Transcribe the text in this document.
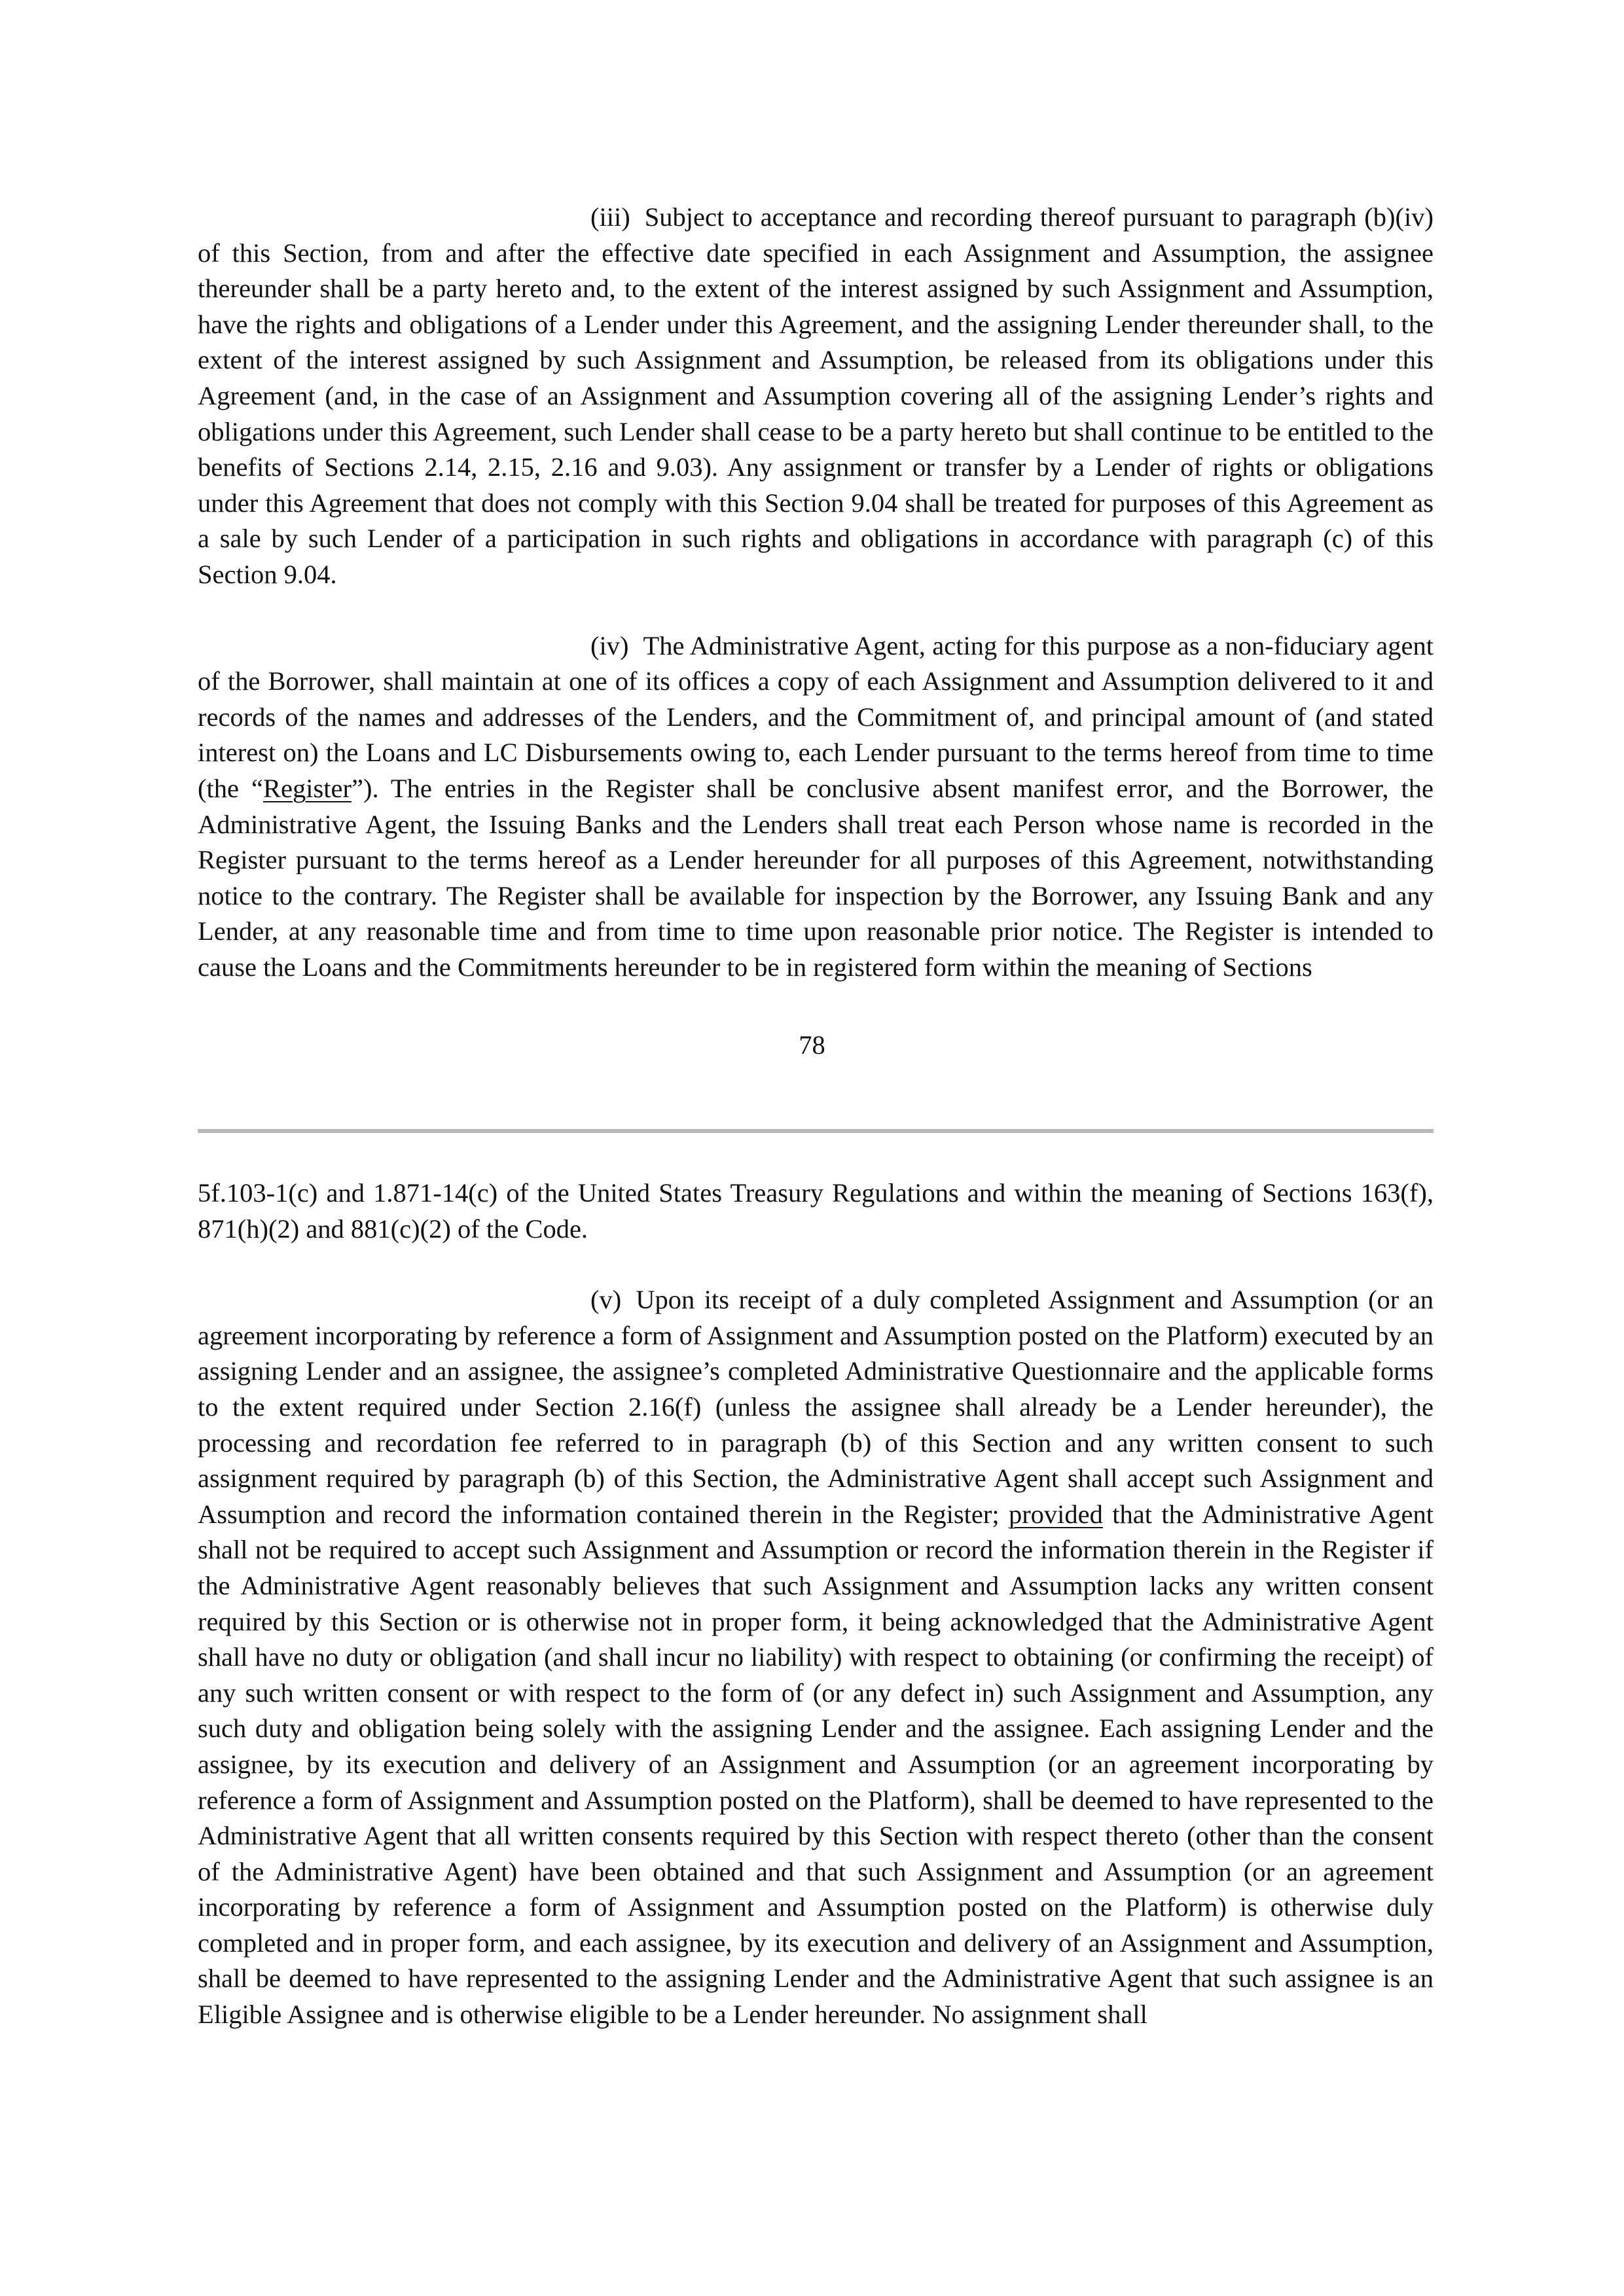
(iii) Subject to acceptance and recording thereof pursuant to paragraph (b)(iv) of this Section, from and after the effective date specified in each Assignment and Assumption, the assignee thereunder shall be a party hereto and, to the extent of the interest assigned by such Assignment and Assumption, have the rights and obligations of a Lender under this Agreement, and the assigning Lender thereunder shall, to the extent of the interest assigned by such Assignment and Assumption, be released from its obligations under this Agreement (and, in the case of an Assignment and Assumption covering all of the assigning Lender’s rights and obligations under this Agreement, such Lender shall cease to be a party hereto but shall continue to be entitled to the benefits of Sections 2.14, 2.15, 2.16 and 9.03). Any assignment or transfer by a Lender of rights or obligations under this Agreement that does not comply with this Section 9.04 shall be treated for purposes of this Agreement as a sale by such Lender of a participation in such rights and obligations in accordance with paragraph (c) of this Section 9.04.

(iv) The Administrative Agent, acting for this purpose as a non-fiduciary agent of the Borrower, shall maintain at one of its offices a copy of each Assignment and Assumption delivered to it and records of the names and addresses of the Lenders, and the Commitment of, and principal amount of (and stated interest on) the Loans and LC Disbursements owing to, each Lender pursuant to the terms hereof from time to time (the “Register”). The entries in the Register shall be conclusive absent manifest error, and the Borrower, the Administrative Agent, the Issuing Banks and the Lenders shall treat each Person whose name is recorded in the Register pursuant to the terms hereof as a Lender hereunder for all purposes of this Agreement, notwithstanding notice to the contrary. The Register shall be available for inspection by the Borrower, any Issuing Bank and any Lender, at any reasonable time and from time to time upon reasonable prior notice. The Register is intended to cause the Loans and the Commitments hereunder to be in registered form within the meaning of Sections

78

5f.103-1(c) and 1.871-14(c) of the United States Treasury Regulations and within the meaning of Sections 163(f), 871(h)(2) and 881(c)(2) of the Code.

(v) Upon its receipt of a duly completed Assignment and Assumption (or an agreement incorporating by reference a form of Assignment and Assumption posted on the Platform) executed by an assigning Lender and an assignee, the assignee’s completed Administrative Questionnaire and the applicable forms to the extent required under Section 2.16(f) (unless the assignee shall already be a Lender hereunder), the processing and recordation fee referred to in paragraph (b) of this Section and any written consent to such assignment required by paragraph (b) of this Section, the Administrative Agent shall accept such Assignment and Assumption and record the information contained therein in the Register; provided that the Administrative Agent shall not be required to accept such Assignment and Assumption or record the information therein in the Register if the Administrative Agent reasonably believes that such Assignment and Assumption lacks any written consent required by this Section or is otherwise not in proper form, it being acknowledged that the Administrative Agent shall have no duty or obligation (and shall incur no liability) with respect to obtaining (or confirming the receipt) of any such written consent or with respect to the form of (or any defect in) such Assignment and Assumption, any such duty and obligation being solely with the assigning Lender and the assignee. Each assigning Lender and the assignee, by its execution and delivery of an Assignment and Assumption (or an agreement incorporating by reference a form of Assignment and Assumption posted on the Platform), shall be deemed to have represented to the Administrative Agent that all written consents required by this Section with respect thereto (other than the consent of the Administrative Agent) have been obtained and that such Assignment and Assumption (or an agreement incorporating by reference a form of Assignment and Assumption posted on the Platform) is otherwise duly completed and in proper form, and each assignee, by its execution and delivery of an Assignment and Assumption, shall be deemed to have represented to the assigning Lender and the Administrative Agent that such assignee is an Eligible Assignee and is otherwise eligible to be a Lender hereunder. No assignment shall
